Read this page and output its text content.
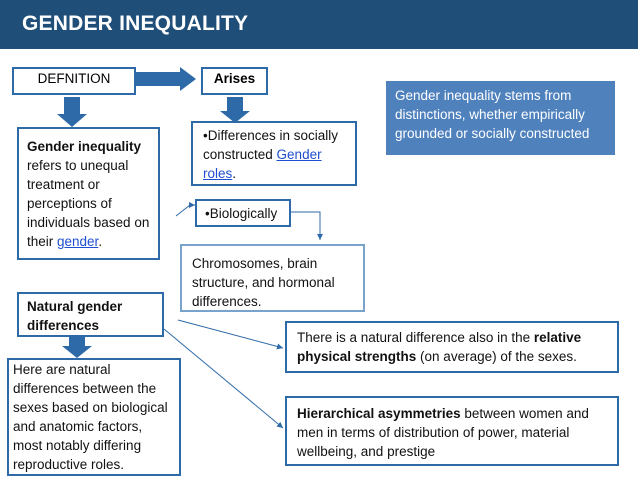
GENDER INEQUALITY
DEFNITION	Arises
Gender inequality stems from distinctions, whether empirically grounded or socially constructed
Gender inequality refers to unequal treatment or perceptions of individuals based on their gender.
•Differences in socially constructed Gender roles.
•Biologically
Chromosomes, brain structure, and hormonal differences.
Natural gender differences
Here are natural differences between the sexes based on biological and anatomic factors, most notably differing reproductive roles.
There is a natural difference also in the relative physical strengths (on average) of the sexes.
Hierarchical asymmetries between women and men in terms of distribution of power, material wellbeing, and prestige
